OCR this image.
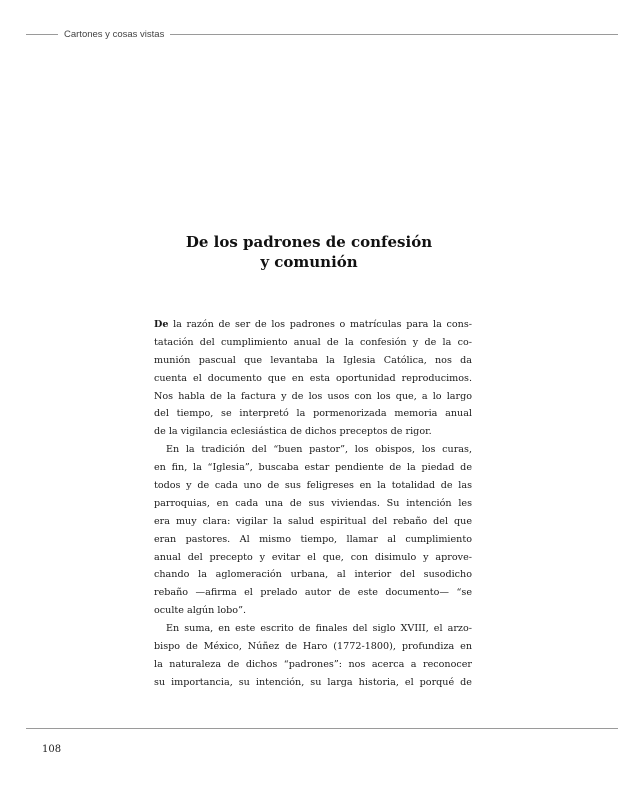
Cartones y cosas vistas
De los padrones de confesión
y comunión
De la razón de ser de los padrones o matrículas para la cons-
tatación del cumplimiento anual de la confesión y de la co-
munión pascual que levantaba la Iglesia Católica, nos da
cuenta el documento que en esta oportunidad reproducimos.
Nos habla de la factura y de los usos con los que, a lo largo
del tiempo, se interpretó la pormenorizada memoria anual
de la vigilancia eclesiástica de dichos preceptos de rigor.
En la tradición del “buen pastor”, los obispos, los curas,
en fin, la “Iglesia”, buscaba estar pendiente de la piedad de
todos y de cada uno de sus feligreses en la totalidad de las
parroquias, en cada una de sus viviendas. Su intención les
era muy clara: vigilar la salud espiritual del rebaño del que
eran pastores. Al mismo tiempo, llamar al cumplimiento
anual del precepto y evitar el que, con disimulo y aprove-
chando la aglomeración urbana, al interior del susodicho
rebaño —afirma el prelado autor de este documento— “se
oculte algún lobo”.
En suma, en este escrito de finales del siglo XVIII, el arzo-
bispo de México, Núñez de Haro (1772-1800), profundiza en
la naturaleza de dichos “padrones”: nos acerca a reconocer
su importancia, su intención, su larga historia, el porqué de
108
